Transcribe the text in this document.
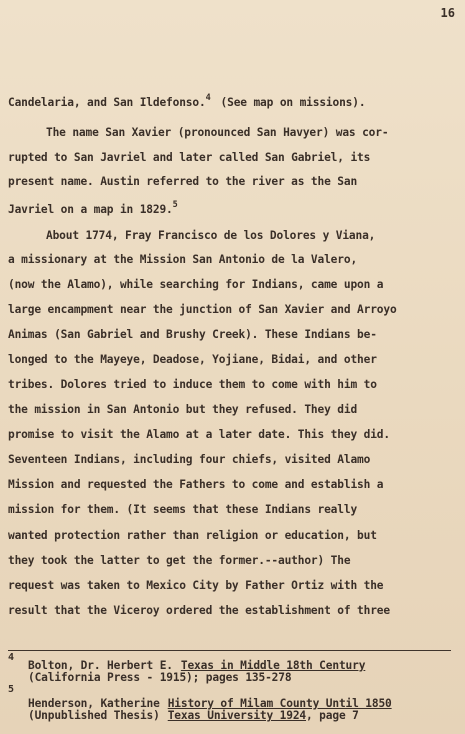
16
Candelaria, and San Ildefonso.$^4$ (See map on missions).
The name San Xavier (pronounced San Havyer) was cor-
rupted to San Javriel and later called San Gabriel, its
present name. Austin referred to the river as the San
Javriel on a map in 1829.$^5$
About 1774, Fray Francisco de los Dolores y Viana,
a missionary at the Mission San Antonio de la Valero,
(now the Alamo), while searching for Indians, came upon a
large encampment near the junction of San Xavier and Arroyo
Animas (San Gabriel and Brushy Creek). These Indians be-
longed to the Mayeye, Deadose, Yojiane, Bidai, and other
tribes. Dolores tried to induce them to come with him to
the mission in San Antonio but they refused. They did
promise to visit the Alamo at a later date. This they did.
Seventeen Indians, including four chiefs, visited Alamo
Mission and requested the Fathers to come and establish a
mission for them. (It seems that these Indians really
wanted protection rather than religion or education, but
they took the latter to get the former.--author) The
request was taken to Mexico City by Father Ortiz with the
result that the Viceroy ordered the establishment of three
4
Bolton, Dr. Herbert E. Texas in Middle 18th Century
(California Press - 1915); pages 135-278
5
Henderson, Katherine History of Milam County Until 1850
(Unpublished Thesis) Texas University 1924, page 7
